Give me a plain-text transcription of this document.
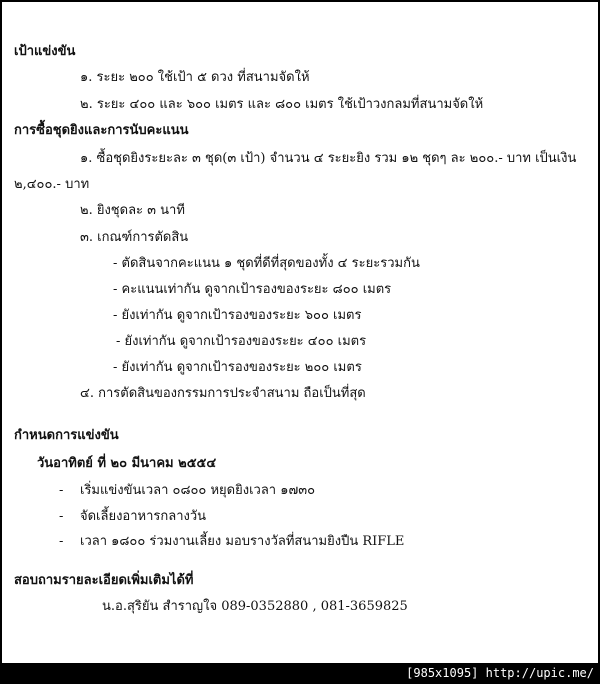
เป้าแข่งขัน
๑. ระยะ ๒๐๐ ใช้เป้า ๕ ดวง ที่สนามจัดให้
๒. ระยะ ๔๐๐ และ ๖๐๐ เมตร และ ๘๐๐ เมตร ใช้เป้าวงกลมที่สนามจัดให้
การซื้อชุดยิงและการนับคะแนน
๑. ซื้อชุดยิงระยะละ ๓ ชุด(๓ เป้า) จำนวน ๔ ระยะยิง รวม ๑๒ ชุดๆ ละ ๒๐๐.- บาท เป็นเงิน
๒,๔๐๐.- บาท
๒. ยิงชุดละ ๓ นาที
๓. เกณฑ์การตัดสิน
- ตัดสินจากคะแนน ๑ ชุดที่ดีที่สุดของทั้ง ๔ ระยะรวมกัน
- คะแนนเท่ากัน ดูจากเป้ารองของระยะ ๘๐๐ เมตร
- ยังเท่ากัน ดูจากเป้ารองของระยะ ๖๐๐ เมตร
- ยังเท่ากัน ดูจากเป้ารองของระยะ ๔๐๐ เมตร
- ยังเท่ากัน ดูจากเป้ารองของระยะ ๒๐๐ เมตร
๔. การตัดสินของกรรมการประจำสนาม ถือเป็นที่สุด
กำหนดการแข่งขัน
วันอาทิตย์ ที่ ๒๐ มีนาคม ๒๕๕๔
- เริ่มแข่งขันเวลา ๐๘๐๐ หยุดยิงเวลา ๑๗๓๐
- จัดเลี้ยงอาหารกลางวัน
- เวลา ๑๘๐๐ ร่วมงานเลี้ยง มอบรางวัลที่สนามยิงปืน RIFLE
สอบถามรายละเอียดเพิ่มเติมได้ที่
น.อ.สุริยัน สำราญใจ 089-0352880 , 081-3659825
[985x1095] http://upic.me/
